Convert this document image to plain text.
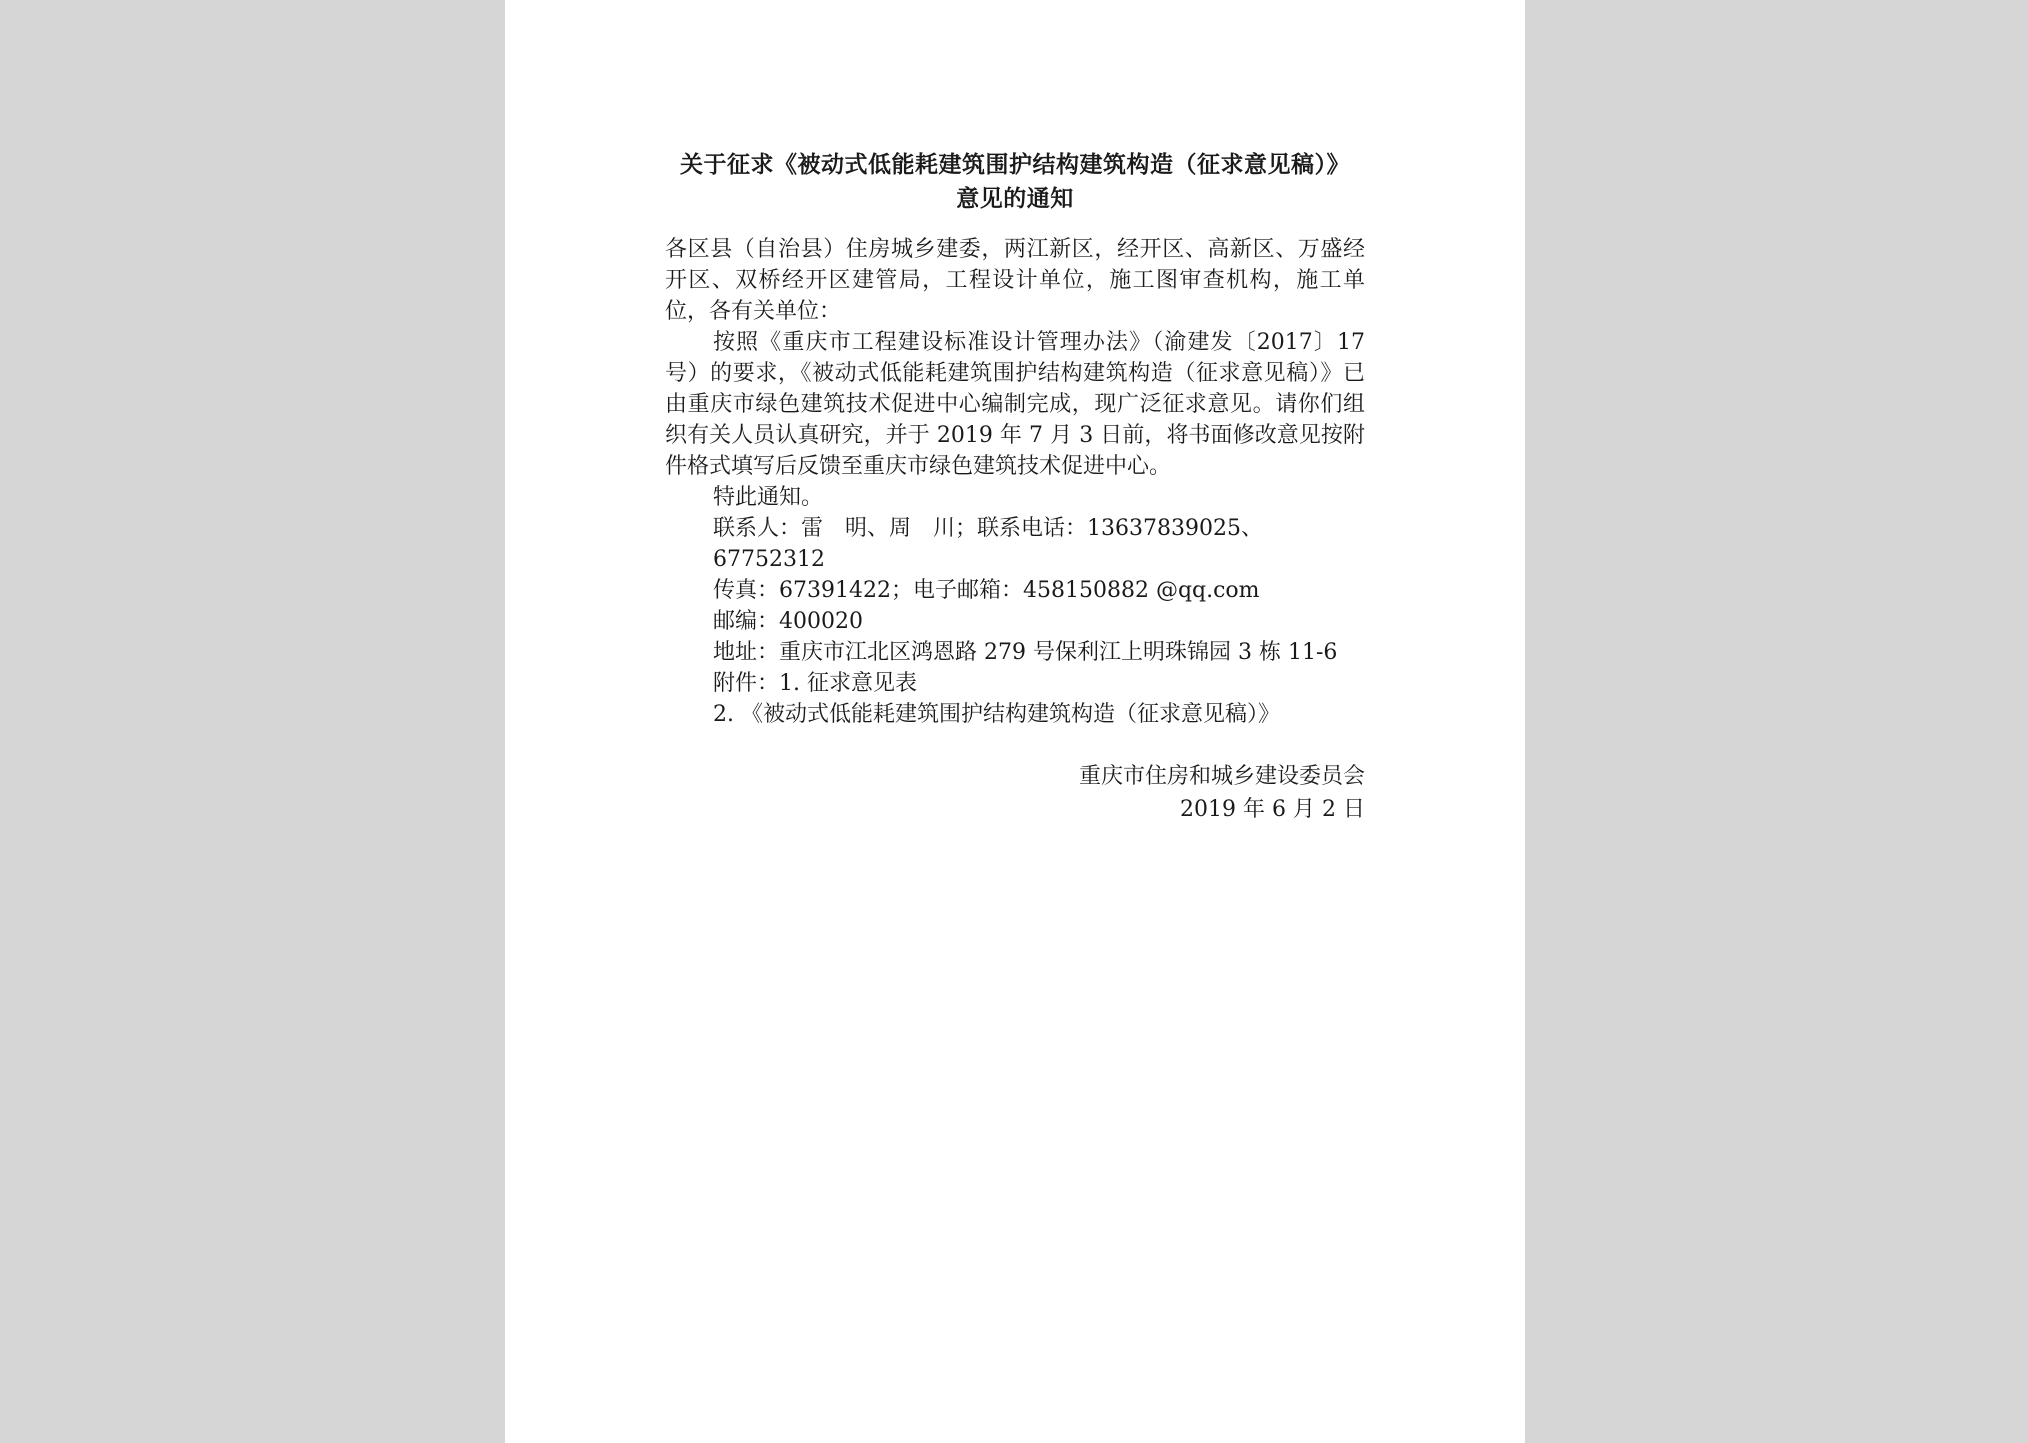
关于征求《被动式低能耗建筑围护结构建筑构造（征求意见稿）》
意见的通知
各区县（自治县）住房城乡建委，两江新区，经开区、高新区、万盛经开区、双桥经开区建管局，工程设计单位，施工图审查机构，施工单位，各有关单位：
按照《重庆市工程建设标准设计管理办法》（渝建发〔2017〕17 号）的要求，《被动式低能耗建筑围护结构建筑构造（征求意见稿）》已由重庆市绿色建筑技术促进中心编制完成，现广泛征求意见。请你们组织有关人员认真研究，并于 2019 年 7 月 3 日前，将书面修改意见按附件格式填写后反馈至重庆市绿色建筑技术促进中心。
特此通知。
联系人：雷　明、周　川；联系电话：13637839025、67752312
传真：67391422；电子邮箱：458150882 @qq.com
邮编：400020
地址：重庆市江北区鸿恩路 279 号保利江上明珠锦园 3 栋 11-6
附件：1. 征求意见表
2. 《被动式低能耗建筑围护结构建筑构造（征求意见稿）》
重庆市住房和城乡建设委员会
2019 年 6 月 2 日
